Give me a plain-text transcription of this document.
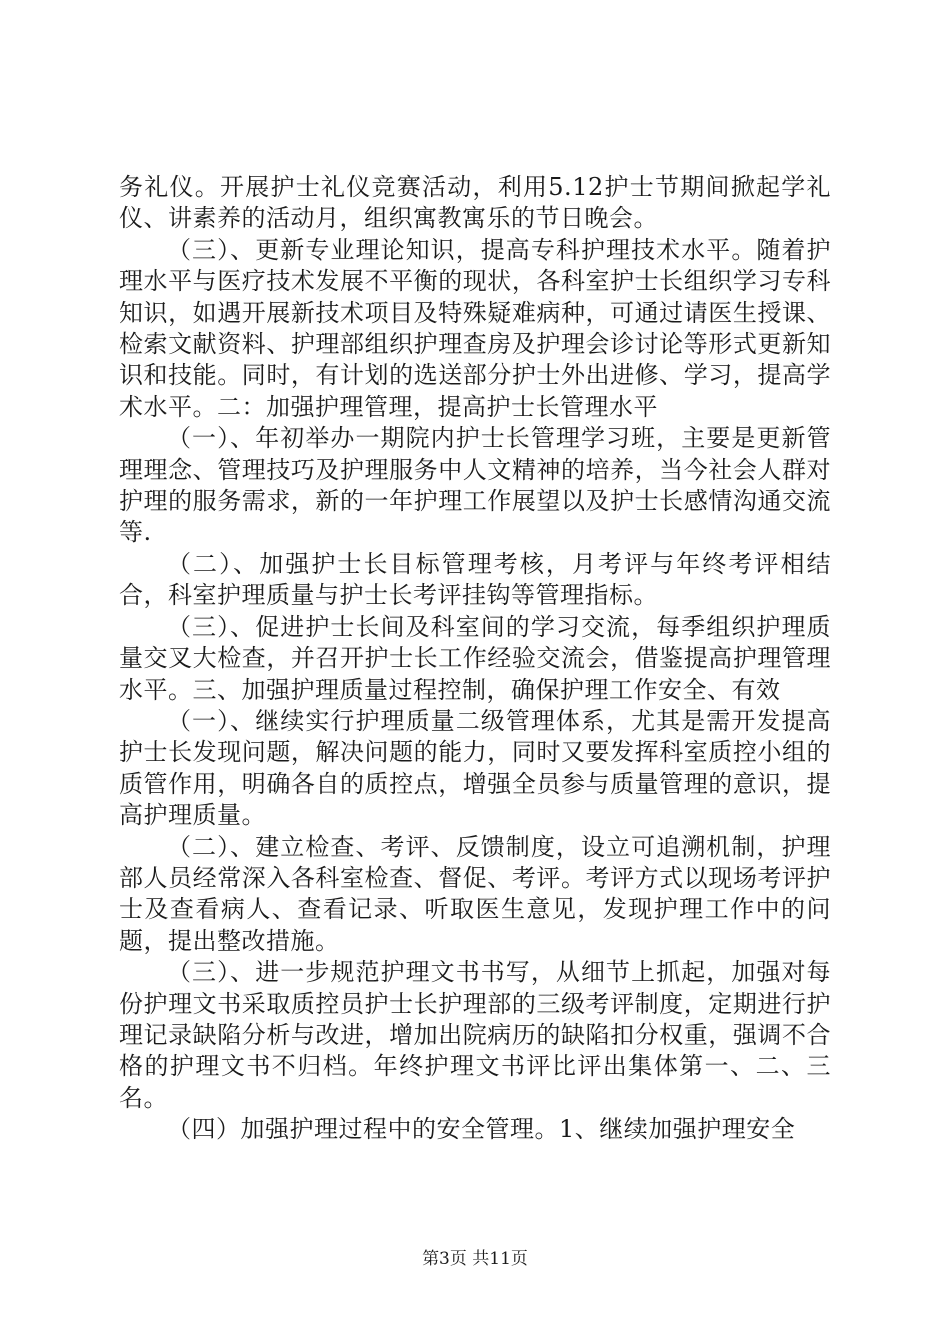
务礼仪。开展护士礼仪竞赛活动，利用5.12护士节期间掀起学礼仪、讲素养的活动月，组织寓教寓乐的节日晚会。

（三）、更新专业理论知识，提高专科护理技术水平。随着护理水平与医疗技术发展不平衡的现状，各科室护士长组织学习专科知识，如遇开展新技术项目及特殊疑难病种，可通过请医生授课、检索文献资料、护理部组织护理查房及护理会诊讨论等形式更新知识和技能。同时，有计划的选送部分护士外出进修、学习，提高学术水平。二：加强护理管理，提高护士长管理水平

（一）、年初举办一期院内护士长管理学习班，主要是更新管理理念、管理技巧及护理服务中人文精神的培养，当今社会人群对护理的服务需求，新的一年护理工作展望以及护士长感情沟通交流等.

（二）、加强护士长目标管理考核，月考评与年终考评相结合，科室护理质量与护士长考评挂钩等管理指标。

（三）、促进护士长间及科室间的学习交流，每季组织护理质量交叉大检查，并召开护士长工作经验交流会，借鉴提高护理管理水平。三、加强护理质量过程控制，确保护理工作安全、有效

（一）、继续实行护理质量二级管理体系，尤其是需开发提高护士长发现问题，解决问题的能力，同时又要发挥科室质控小组的质管作用，明确各自的质控点，增强全员参与质量管理的意识，提高护理质量。

（二）、建立检查、考评、反馈制度，设立可追溯机制，护理部人员经常深入各科室检查、督促、考评。考评方式以现场考评护士及查看病人、查看记录、听取医生意见，发现护理工作中的问题，提出整改措施。

（三）、进一步规范护理文书书写，从细节上抓起，加强对每份护理文书采取质控员护士长护理部的三级考评制度，定期进行护理记录缺陷分析与改进，增加出院病历的缺陷扣分权重，强调不合格的护理文书不归档。年终护理文书评比评出集体第一、二、三名。

（四）加强护理过程中的安全管理。1、继续加强护理安全

第3页 共11页
